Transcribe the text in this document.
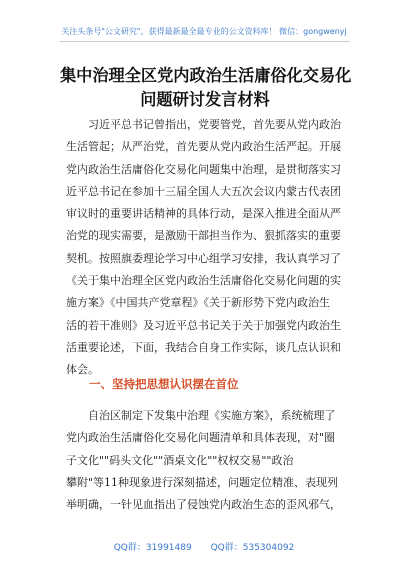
关注头条号"公文研究"，获得最新最全最专业的公文资料库！ 微信：gongwenyj
集中治理全区党内政治生活庸俗化交易化
问题研讨发言材料
习近平总书记曾指出，党要管党，首先要从党内政治
生活管起；从严治党，首先要从党内政治生活严起。开展
党内政治生活庸俗化交易化问题集中治理，是贯彻落实习
近平总书记在参加十三届全国人大五次会议内蒙古代表团
审议时的重要讲话精神的具体行动，是深入推进全面从严
治党的现实需要，是激励干部担当作为、狠抓落实的重要
契机。按照旗委理论学习中心组学习安排，我认真学习了
《关于集中治理全区党内政治生活庸俗化交易化问题的实
施方案》《中国共产党章程》《关于新形势下党内政治生
活的若干准则》及习近平总书记关于关于加强党内政治生
活重要论述，下面，我结合自身工作实际，谈几点认识和
体会。
一、坚持把思想认识摆在首位
自治区制定下发集中治理《实施方案》，系统梳理了
党内政治生活庸俗化交易化问题清单和具体表现，对"圈
子文化""码头文化""酒桌文化""权权交易""政治
攀附"等11种现象进行深刻描述，问题定位精准、表现列
举明确，一针见血指出了侵蚀党内政治生态的歪风邪气，
QQ群：31991489 QQ群：535304092
